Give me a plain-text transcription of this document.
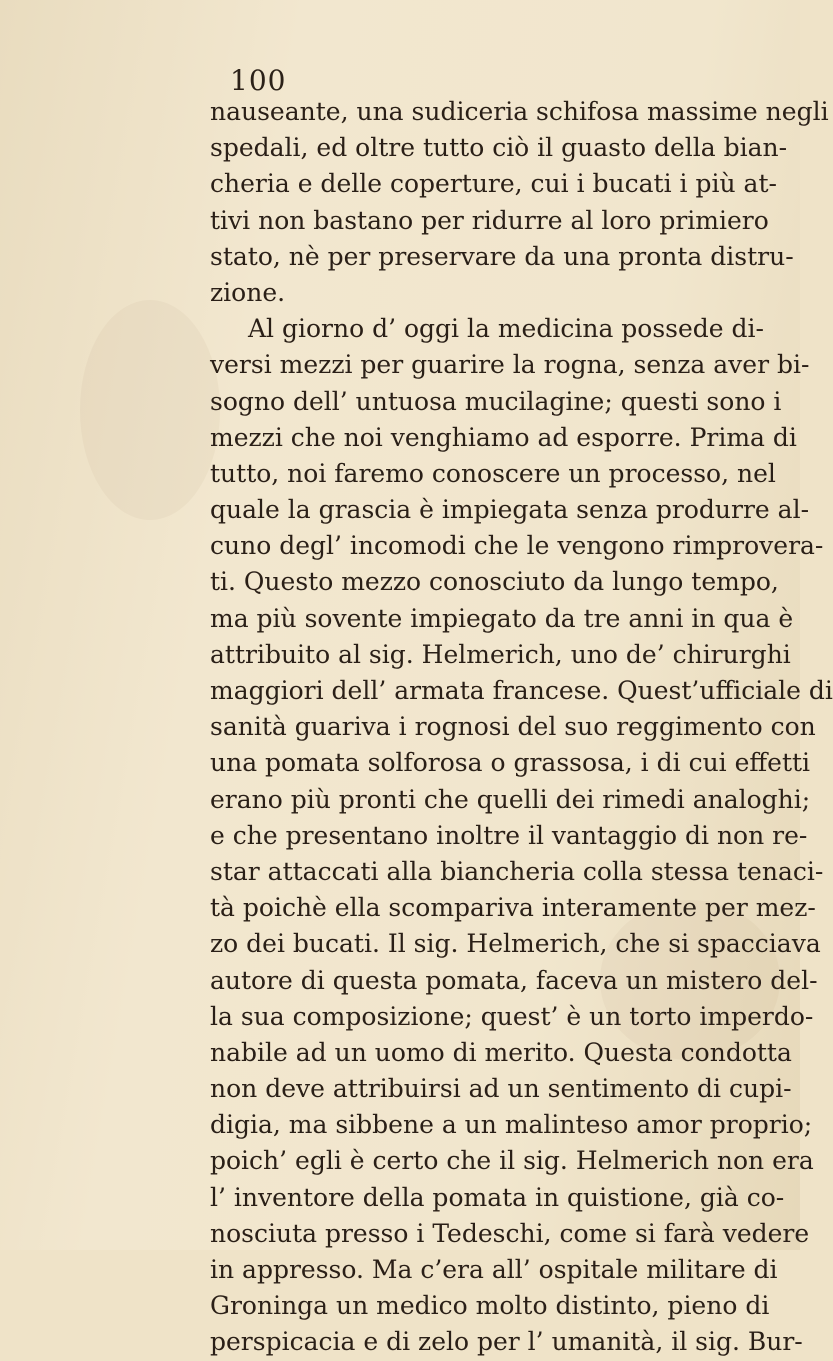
100
nauseante, una sudiceria schifosa massime negli
spedali, ed oltre tutto ciò il guasto della bian-
cheria e delle coperture, cui i bucati i più at-
tivi non bastano per ridurre al loro primiero
stato, nè per preservare da una pronta distru-
zione.
Al giorno d’ oggi la medicina possede di-
versi mezzi per guarire la rogna, senza aver bi-
sogno dell’ untuosa mucilagine; questi sono i
mezzi che noi venghiamo ad esporre. Prima di
tutto, noi faremo conoscere un processo, nel
quale la grascia è impiegata senza produrre al-
cuno degl’ incomodi che le vengono rimprovera-
ti. Questo mezzo conosciuto da lungo tempo,
ma più sovente impiegato da tre anni in qua è
attribuito al sig. Helmerich, uno de’ chirurghi
maggiori dell’ armata francese. Quest’ufficiale di
sanità guariva i rognosi del suo reggimento con
una pomata solforosa o grassosa, i di cui effetti
erano più pronti che quelli dei rimedi analoghi;
e che presentano inoltre il vantaggio di non re-
star attaccati alla biancheria colla stessa tenaci-
tà poichè ella scompariva interamente per mez-
zo dei bucati. Il sig. Helmerich, che si spacciava
autore di questa pomata, faceva un mistero del-
la sua composizione; quest’ è un torto imperdo-
nabile ad un uomo di merito. Questa condotta
non deve attribuirsi ad un sentimento di cupi-
digia, ma sibbene a un malinteso amor proprio;
poich’ egli è certo che il sig. Helmerich non era
l’ inventore della pomata in quistione, già co-
nosciuta presso i Tedeschi, come si farà vedere
in appresso. Ma c’era all’ ospitale militare di
Groninga un medico molto distinto, pieno di
perspicacia e di zelo per l’ umanità, il sig. Bur-
